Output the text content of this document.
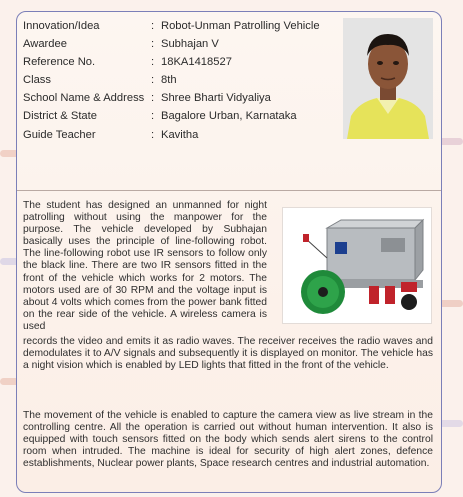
Innovation/Idea	: Robot-Unman Patrolling Vehicle
Awardee	: Subhajan V
Reference No.	: 18KA1418527
Class	: 8th
School Name & Address : Shree Bharti Vidyaliya
District & State	: Bagalore Urban, Karnataka
Guide Teacher	: Kavitha

The student has designed an unmanned for night patrolling without using the manpower for the purpose. The vehicle developed by Subhajan basically uses the principle of line-following robot. The line-following robot use IR sensors to follow only the black line. There are two IR sensors fitted in the front of the vehicle which works for 2 motors. The motors used are of 30 RPM and the voltage input is about 4 volts which comes from the power bank fitted on the rear side of the vehicle. A wireless camera is used

records the video and emits it as radio waves. The receiver receives the radio waves and demodulates it to A/V signals and subsequently it is displayed on monitor. The vehicle has a night vision which is enabled by LED lights that fitted in the front of the vehicle.

The movement of the vehicle is enabled to capture the camera view as live stream in the controlling centre. All the operation is carried out without human intervention. It also is equipped with touch sensors fitted on the body which sends alert sirens to the control room when intruded. The machine is ideal for security of high alert zones, defence establishments, Nuclear power plants, Space research centres and industrial automation.
